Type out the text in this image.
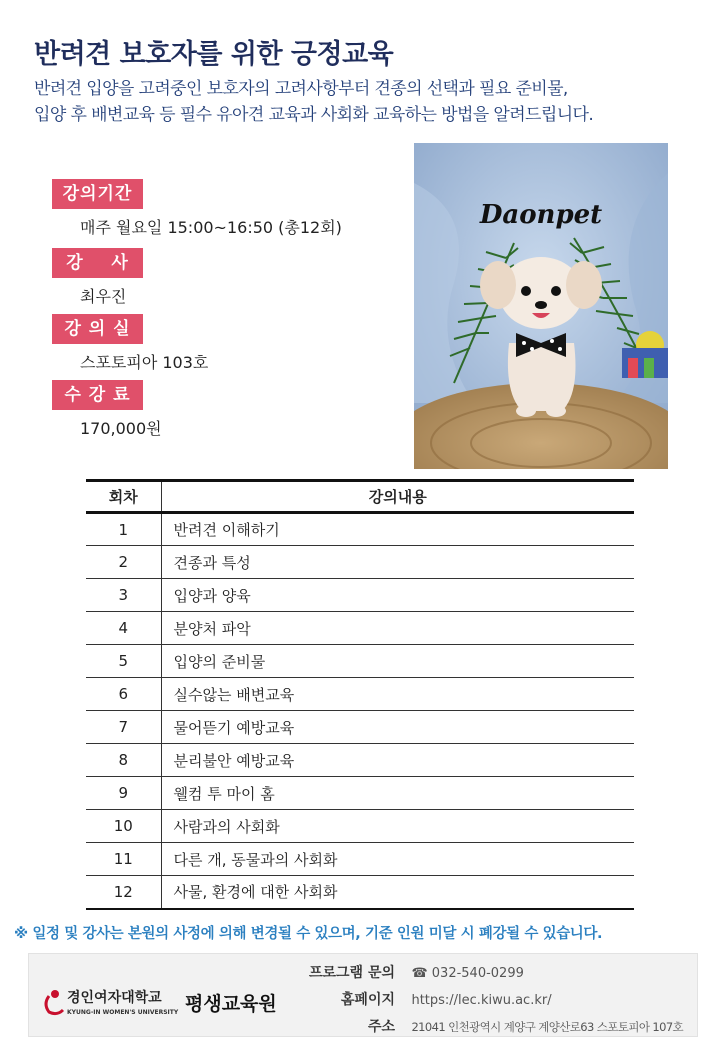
반려견 보호자를 위한 긍정교육
반려견 입양을 고려중인 보호자의 고려사항부터 견종의 선택과 필요 준비물,
입양 후 배변교육 등 필수 유아견 교육과 사회화 교육하는 방법을 알려드립니다.
강의기간
매주 월요일 15:00~16:50 (총12회)
강    사
최우진
강 의 실
스포토피아 103호
수 강 료
170,000원
Daonpet
회차	강의내용
1	반려견 이해하기
2	견종과 특성
3	입양과 양육
4	분양처 파악
5	입양의 준비물
6	실수않는 배변교육
7	물어뜯기 예방교육
8	분리불안 예방교육
9	웰컴 투 마이 홈
10	사람과의 사회화
11	다른 개, 동물과의 사회화
12	사물, 환경에 대한 사회화
※ 일정 및 강사는 본원의 사정에 의해 변경될 수 있으며, 기준 인원 미달 시 폐강될 수 있습니다.
경인여자대학교
KYUNG-IN WOMEN'S UNIVERSITY 평생교육원
프로그램 문의 ☎ 032-540-0299
홈페이지 https://lec.kiwu.ac.kr/
주소 21041 인천광역시 계양구 계양산로63 스포토피아 107호
